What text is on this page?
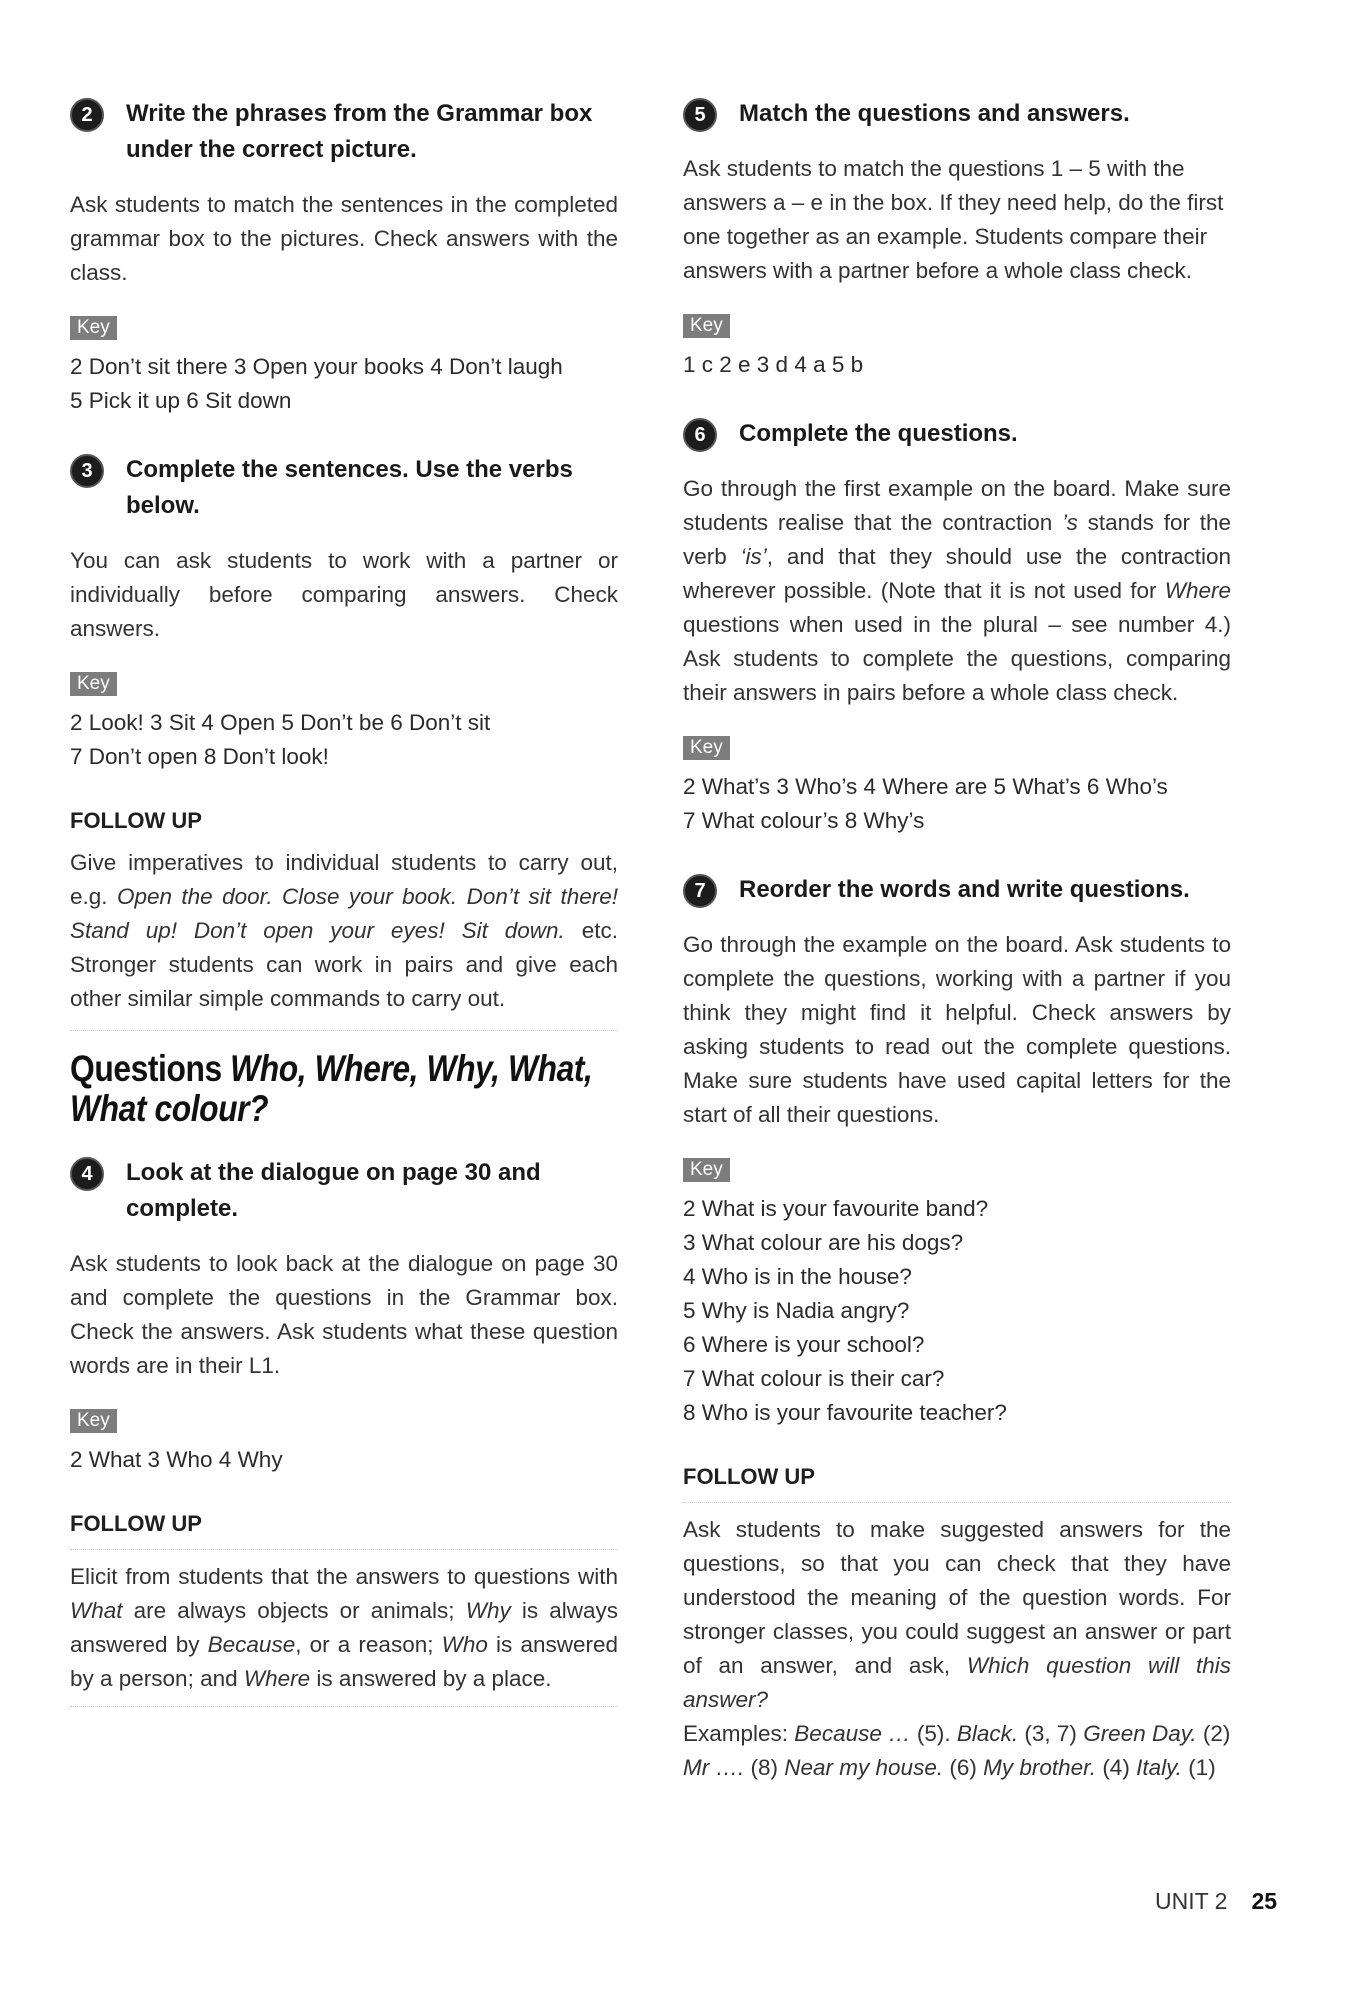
2	Write the phrases from the Grammar box under the correct picture.

Ask students to match the sentences in the completed grammar box to the pictures. Check answers with the class.

Key
2 Don’t sit there 3 Open your books 4 Don’t laugh
5 Pick it up 6 Sit down
3	Complete the sentences. Use the verbs below.

You can ask students to work with a partner or individually before comparing answers. Check answers.

Key
2 Look! 3 Sit 4 Open 5 Don’t be 6 Don’t sit
7 Don’t open 8 Don’t look!
FOLLOW UP

Give imperatives to individual students to carry out, e.g. Open the door. Close your book. Don’t sit there! Stand up! Don’t open your eyes! Sit down. etc. Stronger students can work in pairs and give each other similar simple commands to carry out.

Questions Who, Where, Why, What, What colour?
4	Look at the dialogue on page 30 and complete.

Ask students to look back at the dialogue on page 30 and complete the questions in the Grammar box. Check the answers. Ask students what these question words are in their L1.

Key
2 What 3 Who 4 Why
FOLLOW UP

Elicit from students that the answers to questions with What are always objects or animals; Why is always answered by Because, or a reason; Who is answered by a person; and Where is answered by a place.

5	Match the questions and answers.

Ask students to match the questions 1 – 5 with the answers a – e in the box. If they need help, do the first one together as an example. Students compare their answers with a partner before a whole class check.

Key
1 c 2 e 3 d 4 a 5 b
6	Complete the questions.

Go through the first example on the board. Make sure students realise that the contraction ’s stands for the verb ‘is’, and that they should use the contraction wherever possible. (Note that it is not used for Where questions when used in the plural – see number 4.) Ask students to complete the questions, comparing their answers in pairs before a whole class check.

Key
2 What’s 3 Who’s 4 Where are 5 What’s 6 Who’s
7 What colour’s 8 Why’s
7	Reorder the words and write questions.

Go through the example on the board. Ask students to complete the questions, working with a partner if you think they might find it helpful. Check answers by asking students to read out the complete questions. Make sure students have used capital letters for the start of all their questions.

Key
2 What is your favourite band?
3 What colour are his dogs?
4 Who is in the house?
5 Why is Nadia angry?
6 Where is your school?
7 What colour is their car?
8 Who is your favourite teacher?
FOLLOW UP

Ask students to make suggested answers for the questions, so that you can check that they have understood the meaning of the question words. For stronger classes, you could suggest an answer or part of an answer, and ask, Which question will this answer?

Examples: Because … (5). Black. (3, 7) Green Day. (2) Mr …. (8) Near my house. (6) My brother. (4) Italy. (1)

UNIT 2 25
